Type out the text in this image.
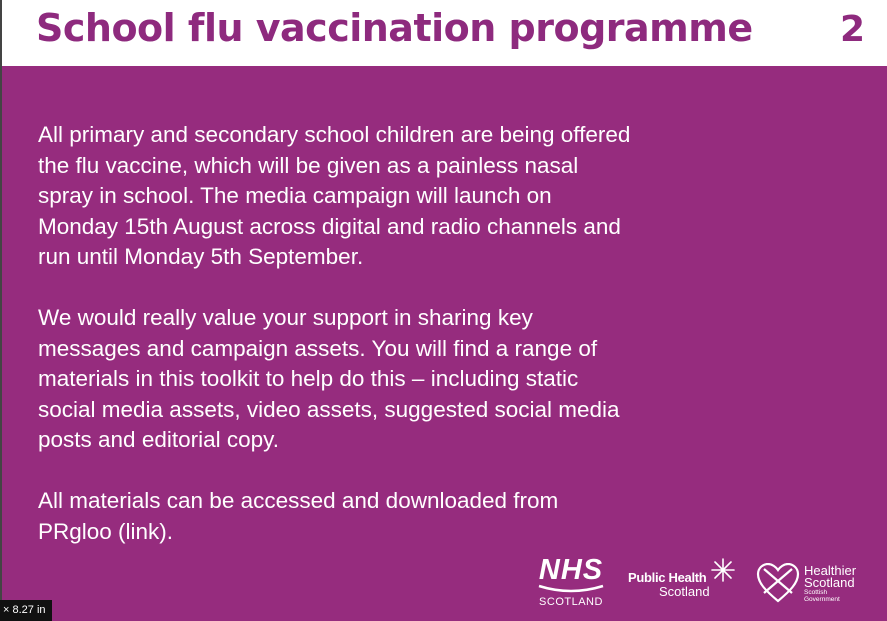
School flu vaccination programme 2

All primary and secondary school children are being offered
the flu vaccine, which will be given as a painless nasal
spray in school. The media campaign will launch on
Monday 15th August across digital and radio channels and
run until Monday 5th September.

We would really value your support in sharing key
messages and campaign assets. You will find a range of
materials in this toolkit to help do this – including static
social media assets, video assets, suggested social media
posts and editorial copy.

All materials can be accessed and downloaded from
PRgloo (link).

NHS
SCOTLAND
Public Health
Scotland
Healthier
Scotland
Scottish
Government
× 8.27 in
